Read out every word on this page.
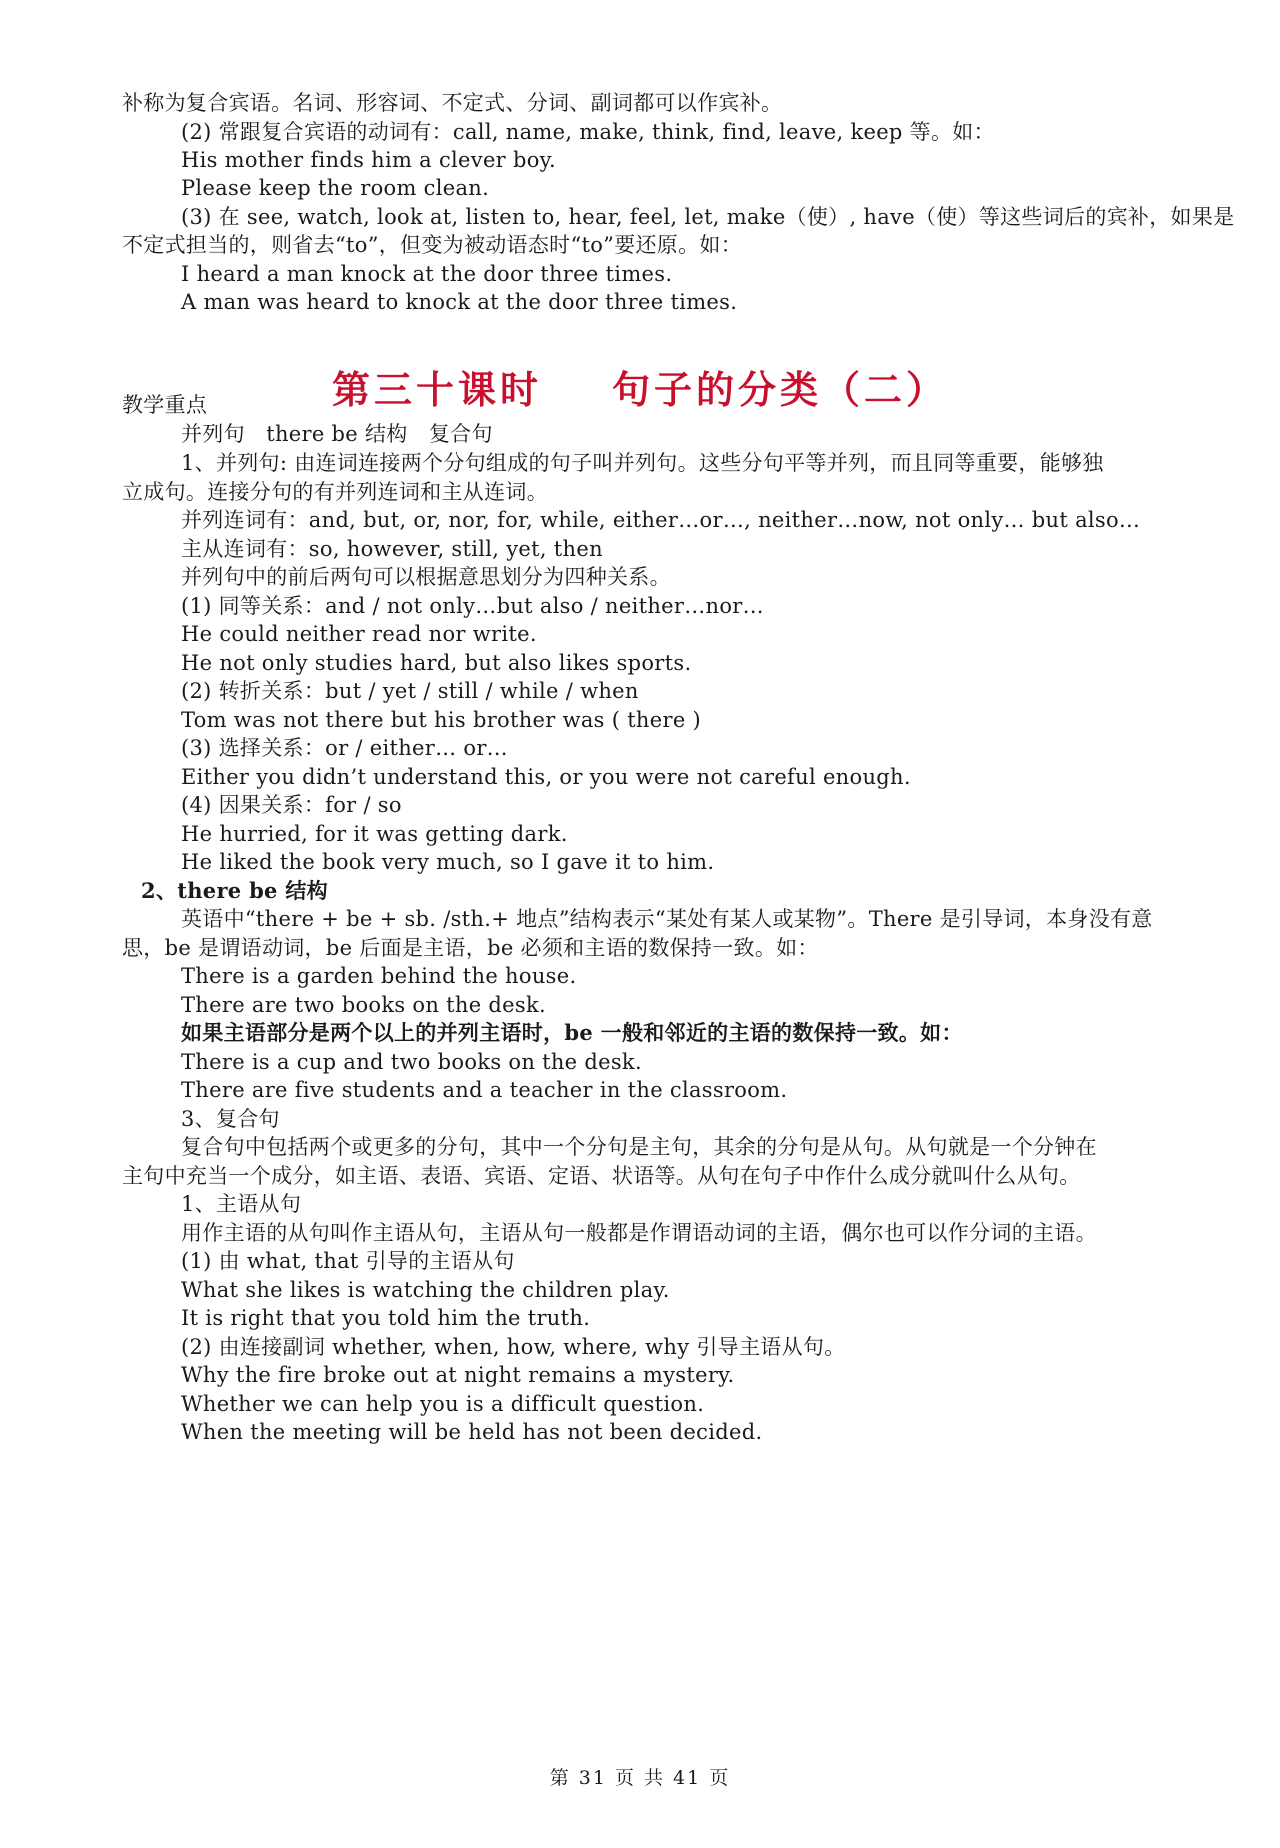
补称为复合宾语。名词、形容词、不定式、分词、副词都可以作宾补。
(2) 常跟复合宾语的动词有：call, name, make, think, find, leave, keep 等。如：
His mother finds him a clever boy.
Please keep the room clean.
(3) 在 see, watch, look at, listen to, hear, feel, let, make（使）, have（使）等这些词后的宾补，如果是
不定式担当的，则省去“to”，但变为被动语态时“to”要还原。如：
I heard a man knock at the door three times.
A man was heard to knock at the door three times.
第三十课时 句子的分类（二）
教学重点
并列句　there be 结构　复合句
1、并列句: 由连词连接两个分句组成的句子叫并列句。这些分句平等并列，而且同等重要，能够独
立成句。连接分句的有并列连词和主从连词。
并列连词有：and, but, or, nor, for, while, either…or…, neither…now, not only… but also…
主从连词有：so, however, still, yet, then
并列句中的前后两句可以根据意思划分为四种关系。
(1) 同等关系：and / not only…but also / neither…nor…
He could neither read nor write.
He not only studies hard, but also likes sports.
(2) 转折关系：but / yet / still / while / when
Tom was not there but his brother was ( there )
(3) 选择关系：or / either… or…
Either you didn’t understand this, or you were not careful enough.
(4) 因果关系：for / so
He hurried, for it was getting dark.
He liked the book very much, so I gave it to him.
2、there be 结构
英语中“there + be + sb. /sth.+ 地点”结构表示“某处有某人或某物”。There 是引导词，本身没有意
思，be 是谓语动词，be 后面是主语，be 必须和主语的数保持一致。如：
There is a garden behind the house.
There are two books on the desk.
如果主语部分是两个以上的并列主语时，be 一般和邻近的主语的数保持一致。如：
There is a cup and two books on the desk.
There are five students and a teacher in the classroom.
3、复合句
复合句中包括两个或更多的分句，其中一个分句是主句，其余的分句是从句。从句就是一个分钟在
主句中充当一个成分，如主语、表语、宾语、定语、状语等。从句在句子中作什么成分就叫什么从句。
1、主语从句
用作主语的从句叫作主语从句，主语从句一般都是作谓语动词的主语，偶尔也可以作分词的主语。
(1) 由 what, that 引导的主语从句
What she likes is watching the children play.
It is right that you told him the truth.
(2) 由连接副词 whether, when, how, where, why 引导主语从句。
Why the fire broke out at night remains a mystery.
Whether we can help you is a difficult question.
When the meeting will be held has not been decided.
第 31 页 共 41 页
